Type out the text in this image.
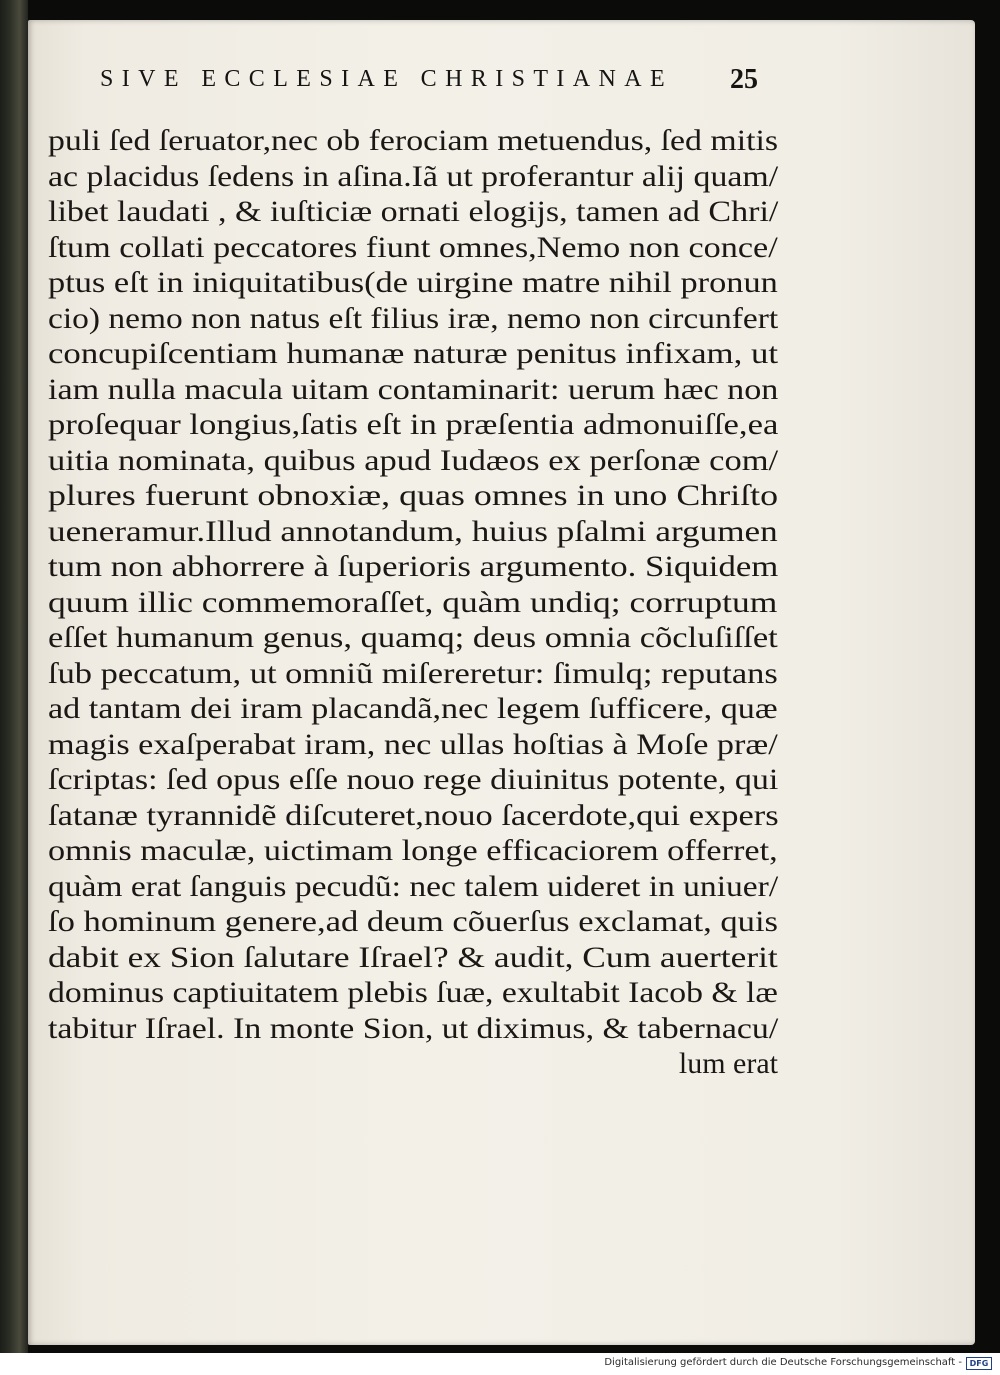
SIVE ECCLESIAE CHRISTIANAE 25
puli ſed ſeruator,nec ob ferociam metuendus, ſed mitis
ac placidus ſedens in aſina.Iã ut proferantur alij quam/
libet laudati , & iuſticiæ ornati elogijs, tamen ad Chri/
ſtum collati peccatores fiunt omnes,Nemo non conce/
ptus eſt in iniquitatibus(de uirgine matre nihil pronun
cio) nemo non natus eſt filius iræ, nemo non circunfert
concupiſcentiam humanæ naturæ penitus infixam, ut
iam nulla macula uitam contaminarit: uerum hæc non
proſequar longius,ſatis eſt in præſentia admonuiſſe,ea
uitia nominata, quibus apud Iudæos ex perſonæ com/
plures fuerunt obnoxiæ, quas omnes in uno Chriſto
ueneramur.Illud annotandum, huius pſalmi argumen
tum non abhorrere à ſuperioris argumento. Siquidem
quum illic commemoraſſet, quàm undiq; corruptum
eſſet humanum genus, quamq; deus omnia cõcluſiſſet
ſub peccatum, ut omniũ miſereretur: ſimulq; reputans
ad tantam dei iram placandã,nec legem ſufficere, quæ
magis exaſperabat iram, nec ullas hoſtias à Moſe præ/
ſcriptas: ſed opus eſſe nouo rege diuinitus potente, qui
ſatanæ tyrannidẽ diſcuteret,nouo ſacerdote,qui expers
omnis maculæ, uictimam longe efficaciorem offerret,
quàm erat ſanguis pecudũ: nec talem uideret in uniuer/
ſo hominum genere,ad deum cõuerſus exclamat, quis
dabit ex Sion ſalutare Iſrael? & audit, Cum auerterit
dominus captiuitatem plebis ſuæ, exultabit Iacob & læ
tabitur Iſrael. In monte Sion, ut diximus, & tabernacu/
lum erat
Digitalisierung gefördert durch die Deutsche Forschungsgemeinschaft - DFG
